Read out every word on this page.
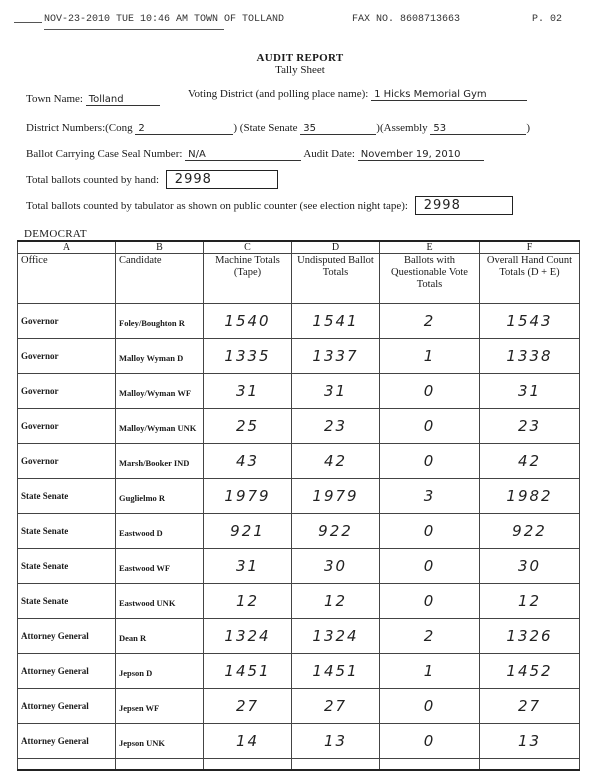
NOV-23-2010 TUE 10:46 AM TOWN OF TOLLAND	FAX NO. 8608713663	P. 02
AUDIT REPORT
Tally Sheet
Town Name: Tolland	Voting District (and polling place name): 1 Hicks Memorial Gym
District Numbers:(Cong 2	) (State Senate 35	)(Assembly 53	)
Ballot Carrying Case Seal Number: N/A	Audit Date: November 19, 2010
Total ballots counted by hand: 2998
Total ballots counted by tabulator as shown on public counter (see election night tape): 2998
DEMOCRAT
A	B	C	D	E	F
Office	Candidate	Machine Totals (Tape)	Undisputed Ballot Totals	Ballots with Questionable Vote Totals	Overall Hand Count Totals (D + E)
Governor	Foley/Boughton R	1540	1541	2	1543
Governor	Malloy Wyman D	1335	1337	1	1338
Governor	Malloy/Wyman WF	31	31	0	31
Governor	Malloy/Wyman UNK	25	23	0	23
Governor	Marsh/Booker IND	43	42	0	42
State Senate	Guglielmo R	1979	1979	3	1982
State Senate	Eastwood D	921	922	0	922
State Senate	Eastwood WF	31	30	0	30
State Senate	Eastwood UNK	12	12	0	12
Attorney General	Dean R	1324	1324	2	1326
Attorney General	Jepson D	1451	1451	1	1452
Attorney General	Jepsen WF	27	27	0	27
Attorney General	Jepson UNK	14	13	0	13
